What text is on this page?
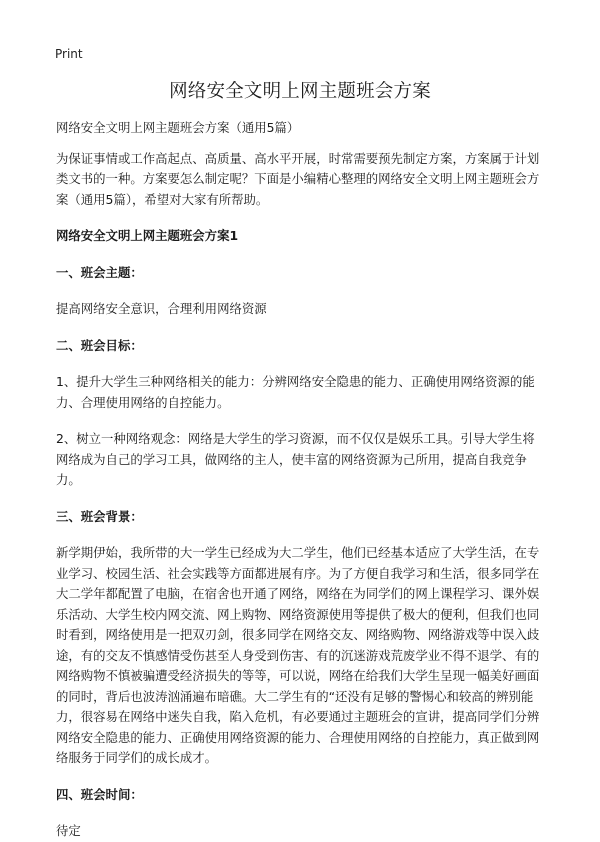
Print
网络安全文明上网主题班会方案

网络安全文明上网主题班会方案（通用5篇）

为保证事情或工作高起点、高质量、高水平开展，时常需要预先制定方案，方案属于计划类文书的一种。方案要怎么制定呢？下面是小编精心整理的网络安全文明上网主题班会方案（通用5篇），希望对大家有所帮助。

网络安全文明上网主题班会方案1

一、班会主题：

提高网络安全意识，合理利用网络资源

二、班会目标：

1、提升大学生三种网络相关的能力：分辨网络安全隐患的能力、正确使用网络资源的能力、合理使用网络的自控能力。

2、树立一种网络观念：网络是大学生的学习资源，而不仅仅是娱乐工具。引导大学生将网络成为自己的学习工具，做网络的主人，使丰富的网络资源为己所用，提高自我竞争力。

三、班会背景：

新学期伊始，我所带的大一学生已经成为大二学生，他们已经基本适应了大学生活，在专业学习、校园生活、社会实践等方面都进展有序。为了方便自我学习和生活，很多同学在大二学年都配置了电脑，在宿舍也开通了网络，网络在为同学们的网上课程学习、课外娱乐活动、大学生校内网交流、网上购物、网络资源使用等提供了极大的便利，但我们也同时看到，网络使用是一把双刃剑，很多同学在网络交友、网络购物、网络游戏等中误入歧途，有的交友不慎感情受伤甚至人身受到伤害、有的沉迷游戏荒废学业不得不退学、有的网络购物不慎被骗遭受经济损失的等等，可以说，网络在给我们大学生呈现一幅美好画面的同时，背后也波涛汹涌遍布暗礁。大二学生有的“还没有足够的警惕心和较高的辨别能力，很容易在网络中迷失自我，陷入危机，有必要通过主题班会的宣讲，提高同学们分辨网络安全隐患的能力、正确使用网络资源的能力、合理使用网络的自控能力，真正做到网络服务于同学们的成长成才。

四、班会时间：

待定
